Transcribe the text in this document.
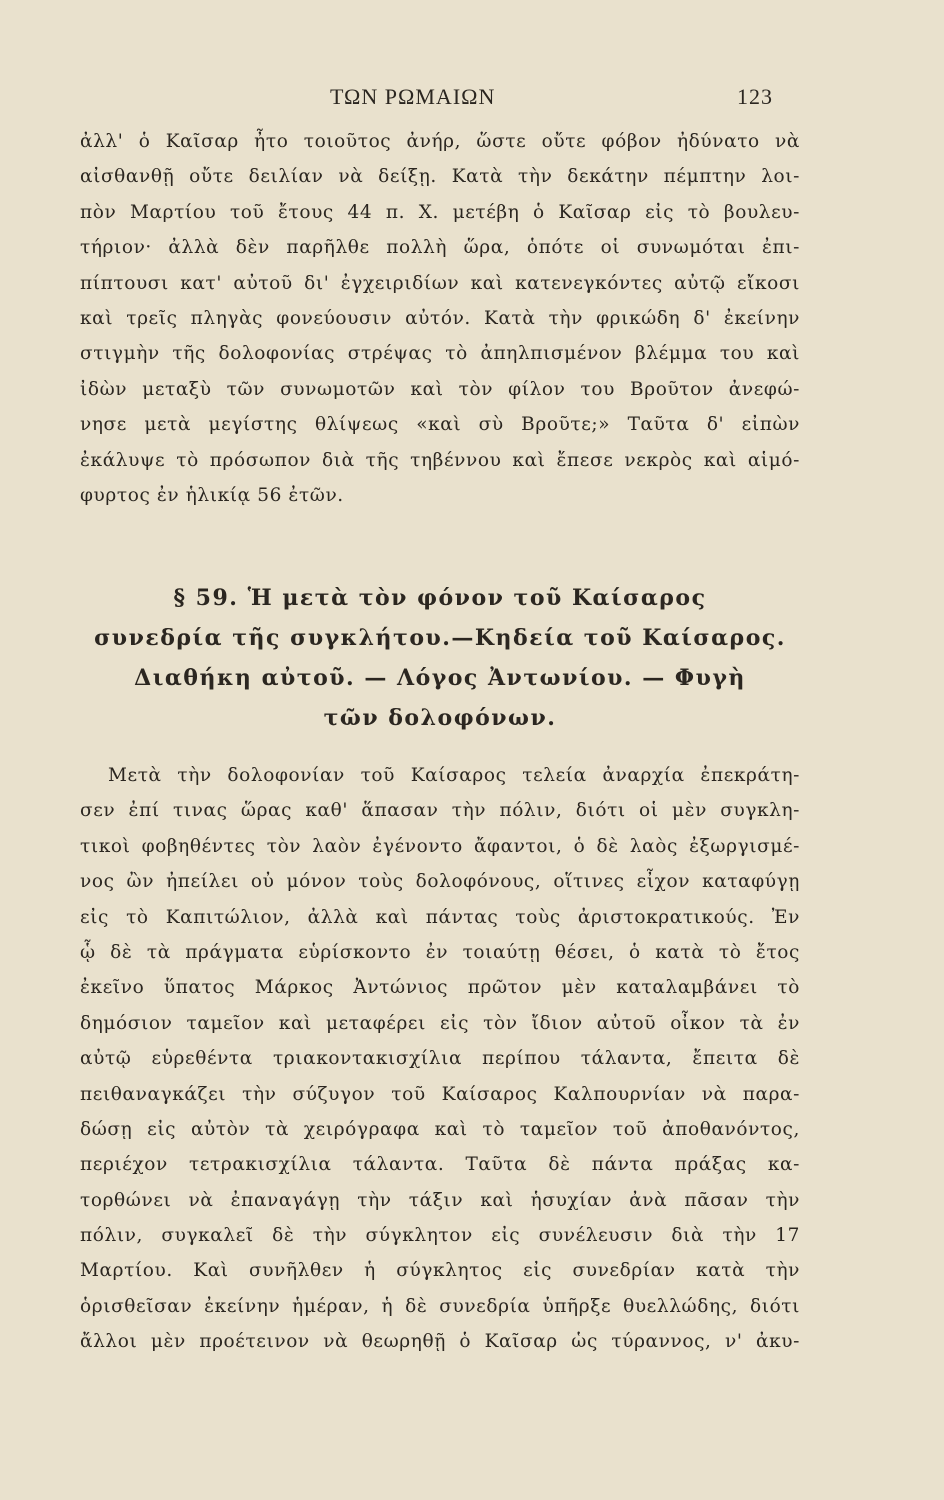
ΤΩΝ ΡΩΜΑΙΩΝ	123
ἀλλ' ὁ Καῖσαρ ἦτο τοιοῦτος ἀνήρ, ὥστε οὔτε φόβον ἠδύνατο νὰ
αἰσθανθῇ οὔτε δειλίαν νὰ δείξῃ. Κατὰ τὴν δεκάτην πέμπτην λοι-
πὸν Μαρτίου τοῦ ἔτους 44 π. Χ. μετέβη ὁ Καῖσαρ εἰς τὸ βουλευ-
τήριον· ἀλλὰ δὲν παρῆλθε πολλὴ ὥρα, ὁπότε οἱ συνωμόται ἐπι-
πίπτουσι κατ' αὐτοῦ δι' ἐγχειριδίων καὶ κατενεγκόντες αὐτῷ εἴκοσι
καὶ τρεῖς πληγὰς φονεύουσιν αὐτόν. Κατὰ τὴν φρικώδη δ' ἐκείνην
στιγμὴν τῆς δολοφονίας στρέψας τὸ ἀπηλπισμένον βλέμμα του καὶ
ἰδὼν μεταξὺ τῶν συνωμοτῶν καὶ τὸν φίλον του Βροῦτον ἀνεφώ-
νησε μετὰ μεγίστης θλίψεως «καὶ σὺ Βροῦτε;» Ταῦτα δ' εἰπὼν
ἐκάλυψε τὸ πρόσωπον διὰ τῆς τηβέννου καὶ ἔπεσε νεκρὸς καὶ αἱμό-
φυρτος ἐν ἡλικίᾳ 56 ἐτῶν.
§ 59. Ἡ μετὰ τὸν φόνον τοῦ Καίσαρος
συνεδρία τῆς συγκλήτου.—Κηδεία τοῦ Καίσαρος.
Διαθήκη αὐτοῦ. — Λόγος Ἀντωνίου. — Φυγὴ
τῶν δολοφόνων.
Μετὰ τὴν δολοφονίαν τοῦ Καίσαρος τελεία ἀναρχία ἐπεκράτη-
σεν ἐπί τινας ὥρας καθ' ἅπασαν τὴν πόλιν, διότι οἱ μὲν συγκλη-
τικοὶ φοβηθέντες τὸν λαὸν ἐγένοντο ἄφαντοι, ὁ δὲ λαὸς ἐξωργισμέ-
νος ὢν ἠπείλει οὐ μόνον τοὺς δολοφόνους, οἵτινες εἶχον καταφύγῃ
εἰς τὸ Καπιτώλιον, ἀλλὰ καὶ πάντας τοὺς ἀριστοκρατικούς. Ἐν
ᾧ δὲ τὰ πράγματα εὑρίσκοντο ἐν τοιαύτῃ θέσει, ὁ κατὰ τὸ ἔτος
ἐκεῖνο ὕπατος Μάρκος Ἀντώνιος πρῶτον μὲν καταλαμβάνει τὸ
δημόσιον ταμεῖον καὶ μεταφέρει εἰς τὸν ἴδιον αὐτοῦ οἶκον τὰ ἐν
αὐτῷ εὑρεθέντα τριακοντακισχίλια περίπου τάλαντα, ἔπειτα δὲ
πειθαναγκάζει τὴν σύζυγον τοῦ Καίσαρος Καλπουρνίαν νὰ παρα-
δώσῃ εἰς αὐτὸν τὰ χειρόγραφα καὶ τὸ ταμεῖον τοῦ ἀποθανόντος,
περιέχον τετρακισχίλια τάλαντα. Ταῦτα δὲ πάντα πράξας κα-
τορθώνει νὰ ἐπαναγάγῃ τὴν τάξιν καὶ ἡσυχίαν ἀνὰ πᾶσαν τὴν
πόλιν, συγκαλεῖ δὲ τὴν σύγκλητον εἰς συνέλευσιν διὰ τὴν 17
Μαρτίου. Καὶ συνῆλθεν ἡ σύγκλητος εἰς συνεδρίαν κατὰ τὴν
ὁρισθεῖσαν ἐκείνην ἡμέραν, ἡ δὲ συνεδρία ὑπῆρξε θυελλώδης, διότι
ἄλλοι μὲν προέτεινον νὰ θεωρηθῇ ὁ Καῖσαρ ὡς τύραννος, ν' ἀκυ-
